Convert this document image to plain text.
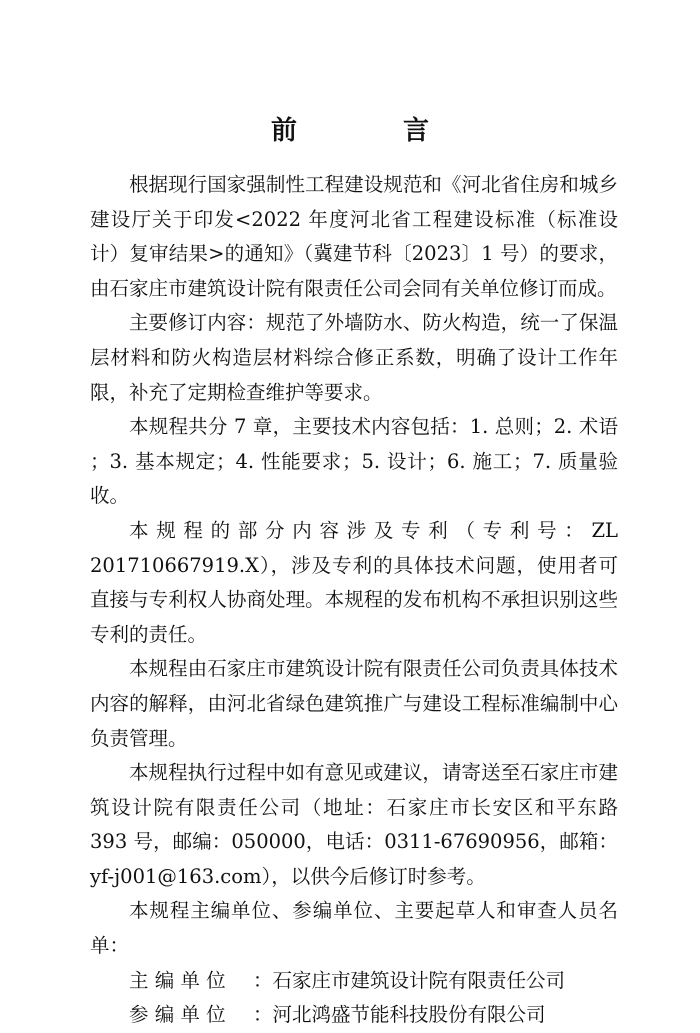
前　言

根据现行国家强制性工程建设规范和《河北省住房和城乡建设厅关于印发<2022 年度河北省工程建设标准（标准设计）复审结果>的通知》（冀建节科〔2023〕1 号）的要求，由石家庄市建筑设计院有限责任公司会同有关单位修订而成。

主要修订内容：规范了外墙防水、防火构造，统一了保温层材料和防火构造层材料综合修正系数，明确了设计工作年限，补充了定期检查维护等要求。

本规程共分 7 章，主要技术内容包括：1. 总则；2. 术语 ；3. 基本规定；4. 性能要求；5. 设计；6. 施工；7. 质量验收。

本规程的部分内容涉及专利（专利号：ZL 201710667919.X），涉及专利的具体技术问题，使用者可直接与专利权人协商处理。本规程的发布机构不承担识别这些专利的责任。

本规程由石家庄市建筑设计院有限责任公司负责具体技术内容的解释，由河北省绿色建筑推广与建设工程标准编制中心负责管理。

本规程执行过程中如有意见或建议，请寄送至石家庄市建筑设计院有限责任公司（地址：石家庄市长安区和平东路 393 号，邮编：050000，电话：0311-67690956，邮箱：yf-j001@163.com），以供今后修订时参考。

本规程主编单位、参编单位、主要起草人和审查人员名单：

主 编 单 位 ：石家庄市建筑设计院有限责任公司

参 编 单 位 ：河北鸿盛节能科技股份有限公司
